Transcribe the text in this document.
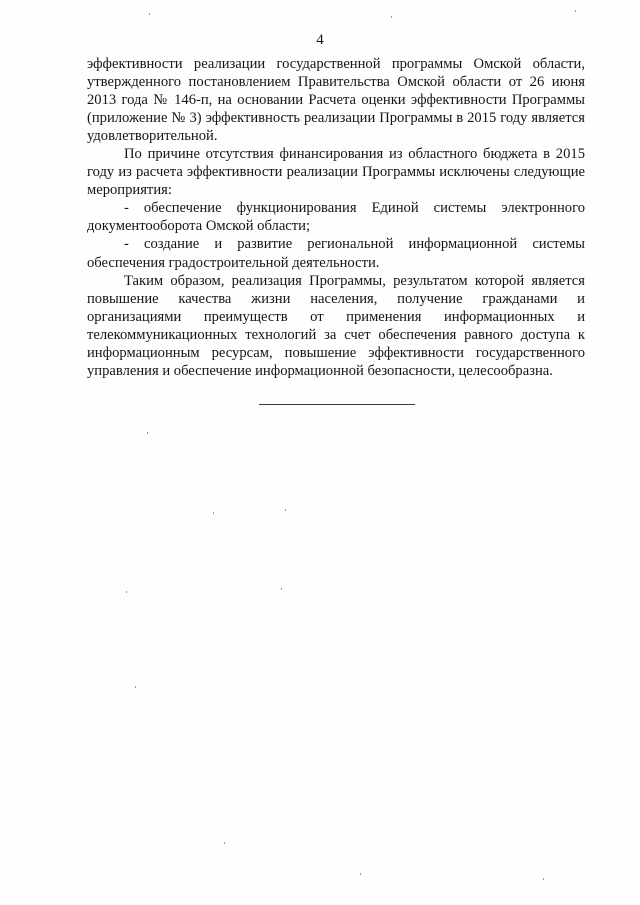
4

эффективности реализации государственной программы Омской области, утвержденного постановлением Правительства Омской области от 26 июня 2013 года № 146-п, на основании Расчета оценки эффективности Программы (приложение № 3) эффективность реализации Программы в 2015 году является удовлетворительной.

По причине отсутствия финансирования из областного бюджета в 2015 году из расчета эффективности реализации Программы исключены следующие мероприятия:

- обеспечение функционирования Единой системы электронного документооборота Омской области;

- создание и развитие региональной информационной системы обеспечения градостроительной деятельности.

Таким образом, реализация Программы, результатом которой является повышение качества жизни населения, получение гражданами и организациями преимуществ от применения информационных и телекоммуникационных технологий за счет обеспечения равного доступа к информационным ресурсам, повышение эффективности государственного управления и обеспечение информационной безопасности, целесообразна.
